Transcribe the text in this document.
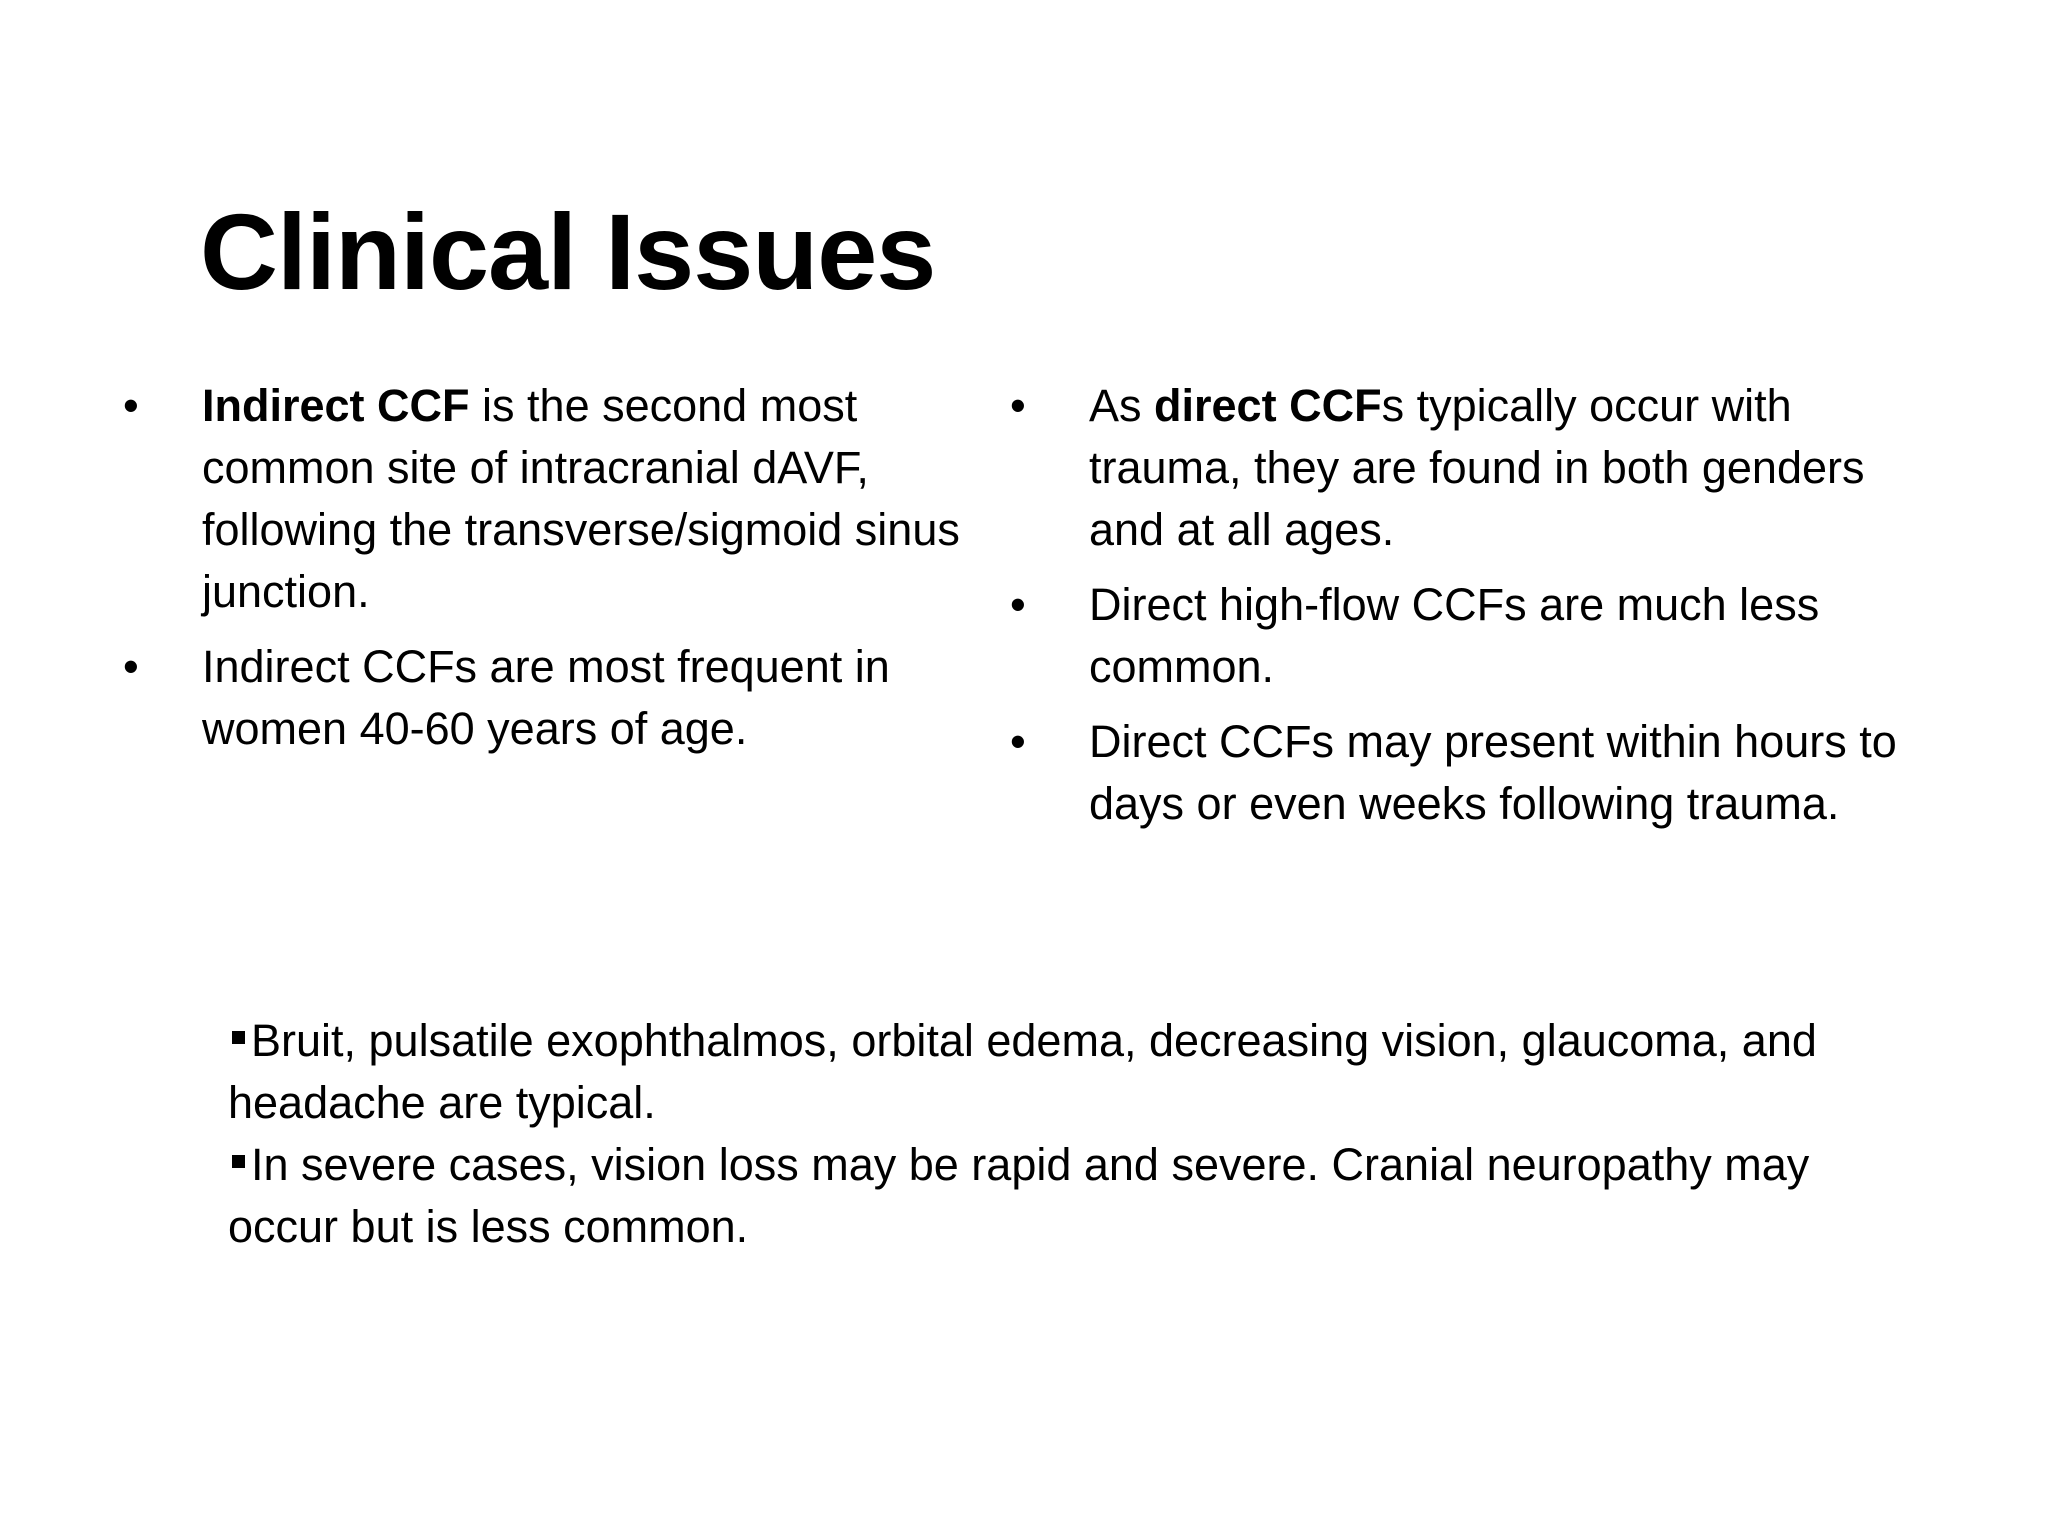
Clinical Issues
•	Indirect CCF is the second most common site of intracranial dAVF, following the transverse/sigmoid sinus junction.
•	Indirect CCFs are most frequent in women 40-60 years of age.
•	As direct CCFs typically occur with trauma, they are found in both genders and at all ages.
•	Direct high-flow CCFs are much less common.
•	Direct CCFs may present within hours to days or even weeks following trauma.

Bruit, pulsatile exophthalmos, orbital edema, decreasing vision, glaucoma, and headache are typical.

In severe cases, vision loss may be rapid and severe. Cranial neuropathy may occur but is less common.
